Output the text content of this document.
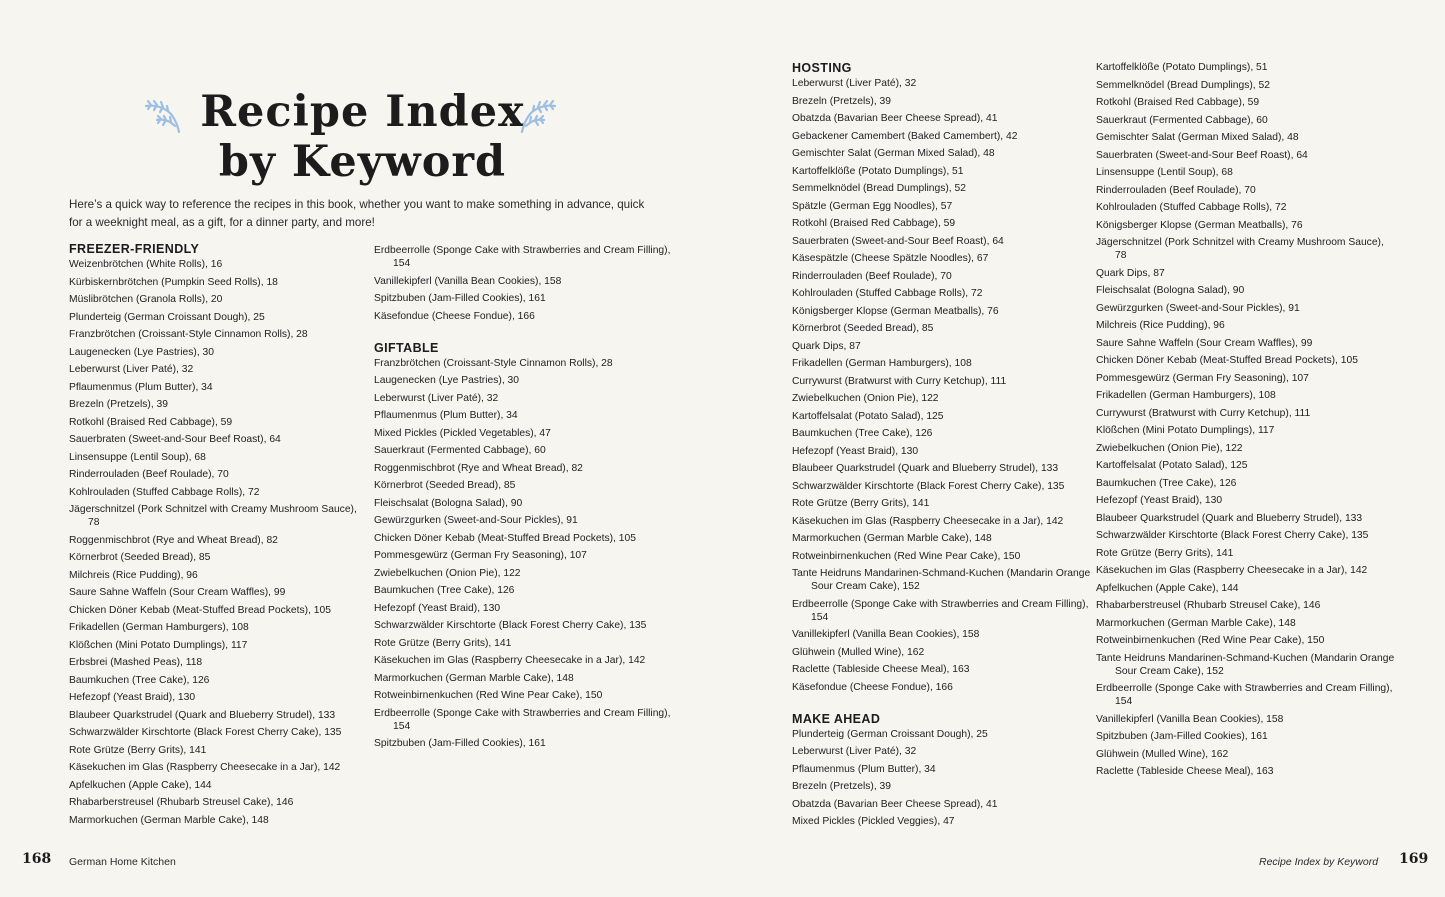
Recipe Index
by Keyword

Here’s a quick way to reference the recipes in this book, whether you want to make something in advance, quick for a weeknight meal, as a gift, for a dinner party, and more!

FREEZER-FRIENDLY
Weizenbrötchen (White Rolls), 16
Kürbiskernbrötchen (Pumpkin Seed Rolls), 18
Müslibrötchen (Granola Rolls), 20
Plunderteig (German Croissant Dough), 25
Franzbrötchen (Croissant-Style Cinnamon Rolls), 28
Laugenecken (Lye Pastries), 30
Leberwurst (Liver Paté), 32
Pflaumenmus (Plum Butter), 34
Brezeln (Pretzels), 39
Rotkohl (Braised Red Cabbage), 59
Sauerbraten (Sweet-and-Sour Beef Roast), 64
Linsensuppe (Lentil Soup), 68
Rinderrouladen (Beef Roulade), 70
Kohlrouladen (Stuffed Cabbage Rolls), 72
Jägerschnitzel (Pork Schnitzel with Creamy Mushroom Sauce), 78
Roggenmischbrot (Rye and Wheat Bread), 82
Körnerbrot (Seeded Bread), 85
Milchreis (Rice Pudding), 96
Saure Sahne Waffeln (Sour Cream Waffles), 99
Chicken Döner Kebab (Meat-Stuffed Bread Pockets), 105
Frikadellen (German Hamburgers), 108
Klößchen (Mini Potato Dumplings), 117
Erbsbrei (Mashed Peas), 118
Baumkuchen (Tree Cake), 126
Hefezopf (Yeast Braid), 130
Blaubeer Quarkstrudel (Quark and Blueberry Strudel), 133
Schwarzwälder Kirschtorte (Black Forest Cherry Cake), 135
Rote Grütze (Berry Grits), 141
Käsekuchen im Glas (Raspberry Cheesecake in a Jar), 142
Apfelkuchen (Apple Cake), 144
Rhabarberstreusel (Rhubarb Streusel Cake), 146
Marmorkuchen (German Marble Cake), 148
Erdbeerrolle (Sponge Cake with Strawberries and Cream Filling), 154
Vanillekipferl (Vanilla Bean Cookies), 158
Spitzbuben (Jam-Filled Cookies), 161
Käsefondue (Cheese Fondue), 166
GIFTABLE
Franzbrötchen (Croissant-Style Cinnamon Rolls), 28
Laugenecken (Lye Pastries), 30
Leberwurst (Liver Paté), 32
Pflaumenmus (Plum Butter), 34
Mixed Pickles (Pickled Vegetables), 47
Sauerkraut (Fermented Cabbage), 60
Roggenmischbrot (Rye and Wheat Bread), 82
Körnerbrot (Seeded Bread), 85
Fleischsalat (Bologna Salad), 90
Gewürzgurken (Sweet-and-Sour Pickles), 91
Chicken Döner Kebab (Meat-Stuffed Bread Pockets), 105
Pommesgewürz (German Fry Seasoning), 107
Zwiebelkuchen (Onion Pie), 122
Baumkuchen (Tree Cake), 126
Hefezopf (Yeast Braid), 130
Schwarzwälder Kirschtorte (Black Forest Cherry Cake), 135
Rote Grütze (Berry Grits), 141
Käsekuchen im Glas (Raspberry Cheesecake in a Jar), 142
Marmorkuchen (German Marble Cake), 148
Rotweinbirnenkuchen (Red Wine Pear Cake), 150
Erdbeerrolle (Sponge Cake with Strawberries and Cream Filling), 154
Spitzbuben (Jam-Filled Cookies), 161
HOSTING
Leberwurst (Liver Paté), 32
Brezeln (Pretzels), 39
Obatzda (Bavarian Beer Cheese Spread), 41
Gebackener Camembert (Baked Camembert), 42
Gemischter Salat (German Mixed Salad), 48
Kartoffelklöße (Potato Dumplings), 51
Semmelknödel (Bread Dumplings), 52
Spätzle (German Egg Noodles), 57
Rotkohl (Braised Red Cabbage), 59
Sauerbraten (Sweet-and-Sour Beef Roast), 64
Käsespätzle (Cheese Spätzle Noodles), 67
Rinderrouladen (Beef Roulade), 70
Kohlrouladen (Stuffed Cabbage Rolls), 72
Königsberger Klopse (German Meatballs), 76
Körnerbrot (Seeded Bread), 85
Quark Dips, 87
Frikadellen (German Hamburgers), 108
Currywurst (Bratwurst with Curry Ketchup), 111
Zwiebelkuchen (Onion Pie), 122
Kartoffelsalat (Potato Salad), 125
Baumkuchen (Tree Cake), 126
Hefezopf (Yeast Braid), 130
Blaubeer Quarkstrudel (Quark and Blueberry Strudel), 133
Schwarzwälder Kirschtorte (Black Forest Cherry Cake), 135
Rote Grütze (Berry Grits), 141
Käsekuchen im Glas (Raspberry Cheesecake in a Jar), 142
Marmorkuchen (German Marble Cake), 148
Rotweinbirnenkuchen (Red Wine Pear Cake), 150
Tante Heidruns Mandarinen-Schmand-Kuchen (Mandarin Orange Sour Cream Cake), 152
Erdbeerrolle (Sponge Cake with Strawberries and Cream Filling), 154
Vanillekipferl (Vanilla Bean Cookies), 158
Glühwein (Mulled Wine), 162
Raclette (Tableside Cheese Meal), 163
Käsefondue (Cheese Fondue), 166
MAKE AHEAD
Plunderteig (German Croissant Dough), 25
Leberwurst (Liver Paté), 32
Pflaumenmus (Plum Butter), 34
Brezeln (Pretzels), 39
Obatzda (Bavarian Beer Cheese Spread), 41
Mixed Pickles (Pickled Veggies), 47
Kartoffelklöße (Potato Dumplings), 51
Semmelknödel (Bread Dumplings), 52
Rotkohl (Braised Red Cabbage), 59
Sauerkraut (Fermented Cabbage), 60
Gemischter Salat (German Mixed Salad), 48
Sauerbraten (Sweet-and-Sour Beef Roast), 64
Linsensuppe (Lentil Soup), 68
Rinderrouladen (Beef Roulade), 70
Kohlrouladen (Stuffed Cabbage Rolls), 72
Königsberger Klopse (German Meatballs), 76
Jägerschnitzel (Pork Schnitzel with Creamy Mushroom Sauce), 78
Quark Dips, 87
Fleischsalat (Bologna Salad), 90
Gewürzgurken (Sweet-and-Sour Pickles), 91
Milchreis (Rice Pudding), 96
Saure Sahne Waffeln (Sour Cream Waffles), 99
Chicken Döner Kebab (Meat-Stuffed Bread Pockets), 105
Pommesgewürz (German Fry Seasoning), 107
Frikadellen (German Hamburgers), 108
Currywurst (Bratwurst with Curry Ketchup), 111
Klößchen (Mini Potato Dumplings), 117
Zwiebelkuchen (Onion Pie), 122
Kartoffelsalat (Potato Salad), 125
Baumkuchen (Tree Cake), 126
Hefezopf (Yeast Braid), 130
Blaubeer Quarkstrudel (Quark and Blueberry Strudel), 133
Schwarzwälder Kirschtorte (Black Forest Cherry Cake), 135
Rote Grütze (Berry Grits), 141
Käsekuchen im Glas (Raspberry Cheesecake in a Jar), 142
Apfelkuchen (Apple Cake), 144
Rhabarberstreusel (Rhubarb Streusel Cake), 146
Marmorkuchen (German Marble Cake), 148
Rotweinbirnenkuchen (Red Wine Pear Cake), 150
Tante Heidruns Mandarinen-Schmand-Kuchen (Mandarin Orange Sour Cream Cake), 152
Erdbeerrolle (Sponge Cake with Strawberries and Cream Filling), 154
Vanillekipferl (Vanilla Bean Cookies), 158
Spitzbuben (Jam-Filled Cookies), 161
Glühwein (Mulled Wine), 162
Raclette (Tableside Cheese Meal), 163
168 German Home Kitchen	Recipe Index by Keyword 169
